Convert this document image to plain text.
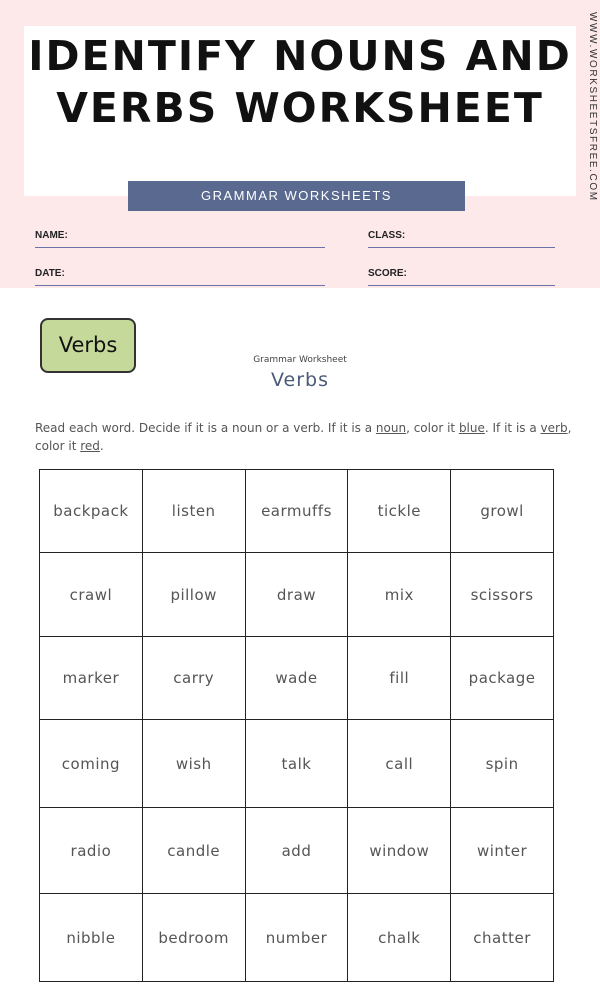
IDENTIFY NOUNS AND VERBS WORKSHEET	WWW.WORKSHEETSFREE.COM
GRAMMAR WORKSHEETS
NAME:	CLASS:
DATE:	SCORE:
Verbs
Grammar Worksheet
Verbs
Read each word. Decide if it is a noun or a verb. If it is a noun, color it blue. If it is a verb, color it red.
backpack	listen	earmuffs	tickle	growl
crawl	pillow	draw	mix	scissors
marker	carry	wade	fill	package
coming	wish	talk	call	spin
radio	candle	add	window	winter
nibble	bedroom	number	chalk	chatter
